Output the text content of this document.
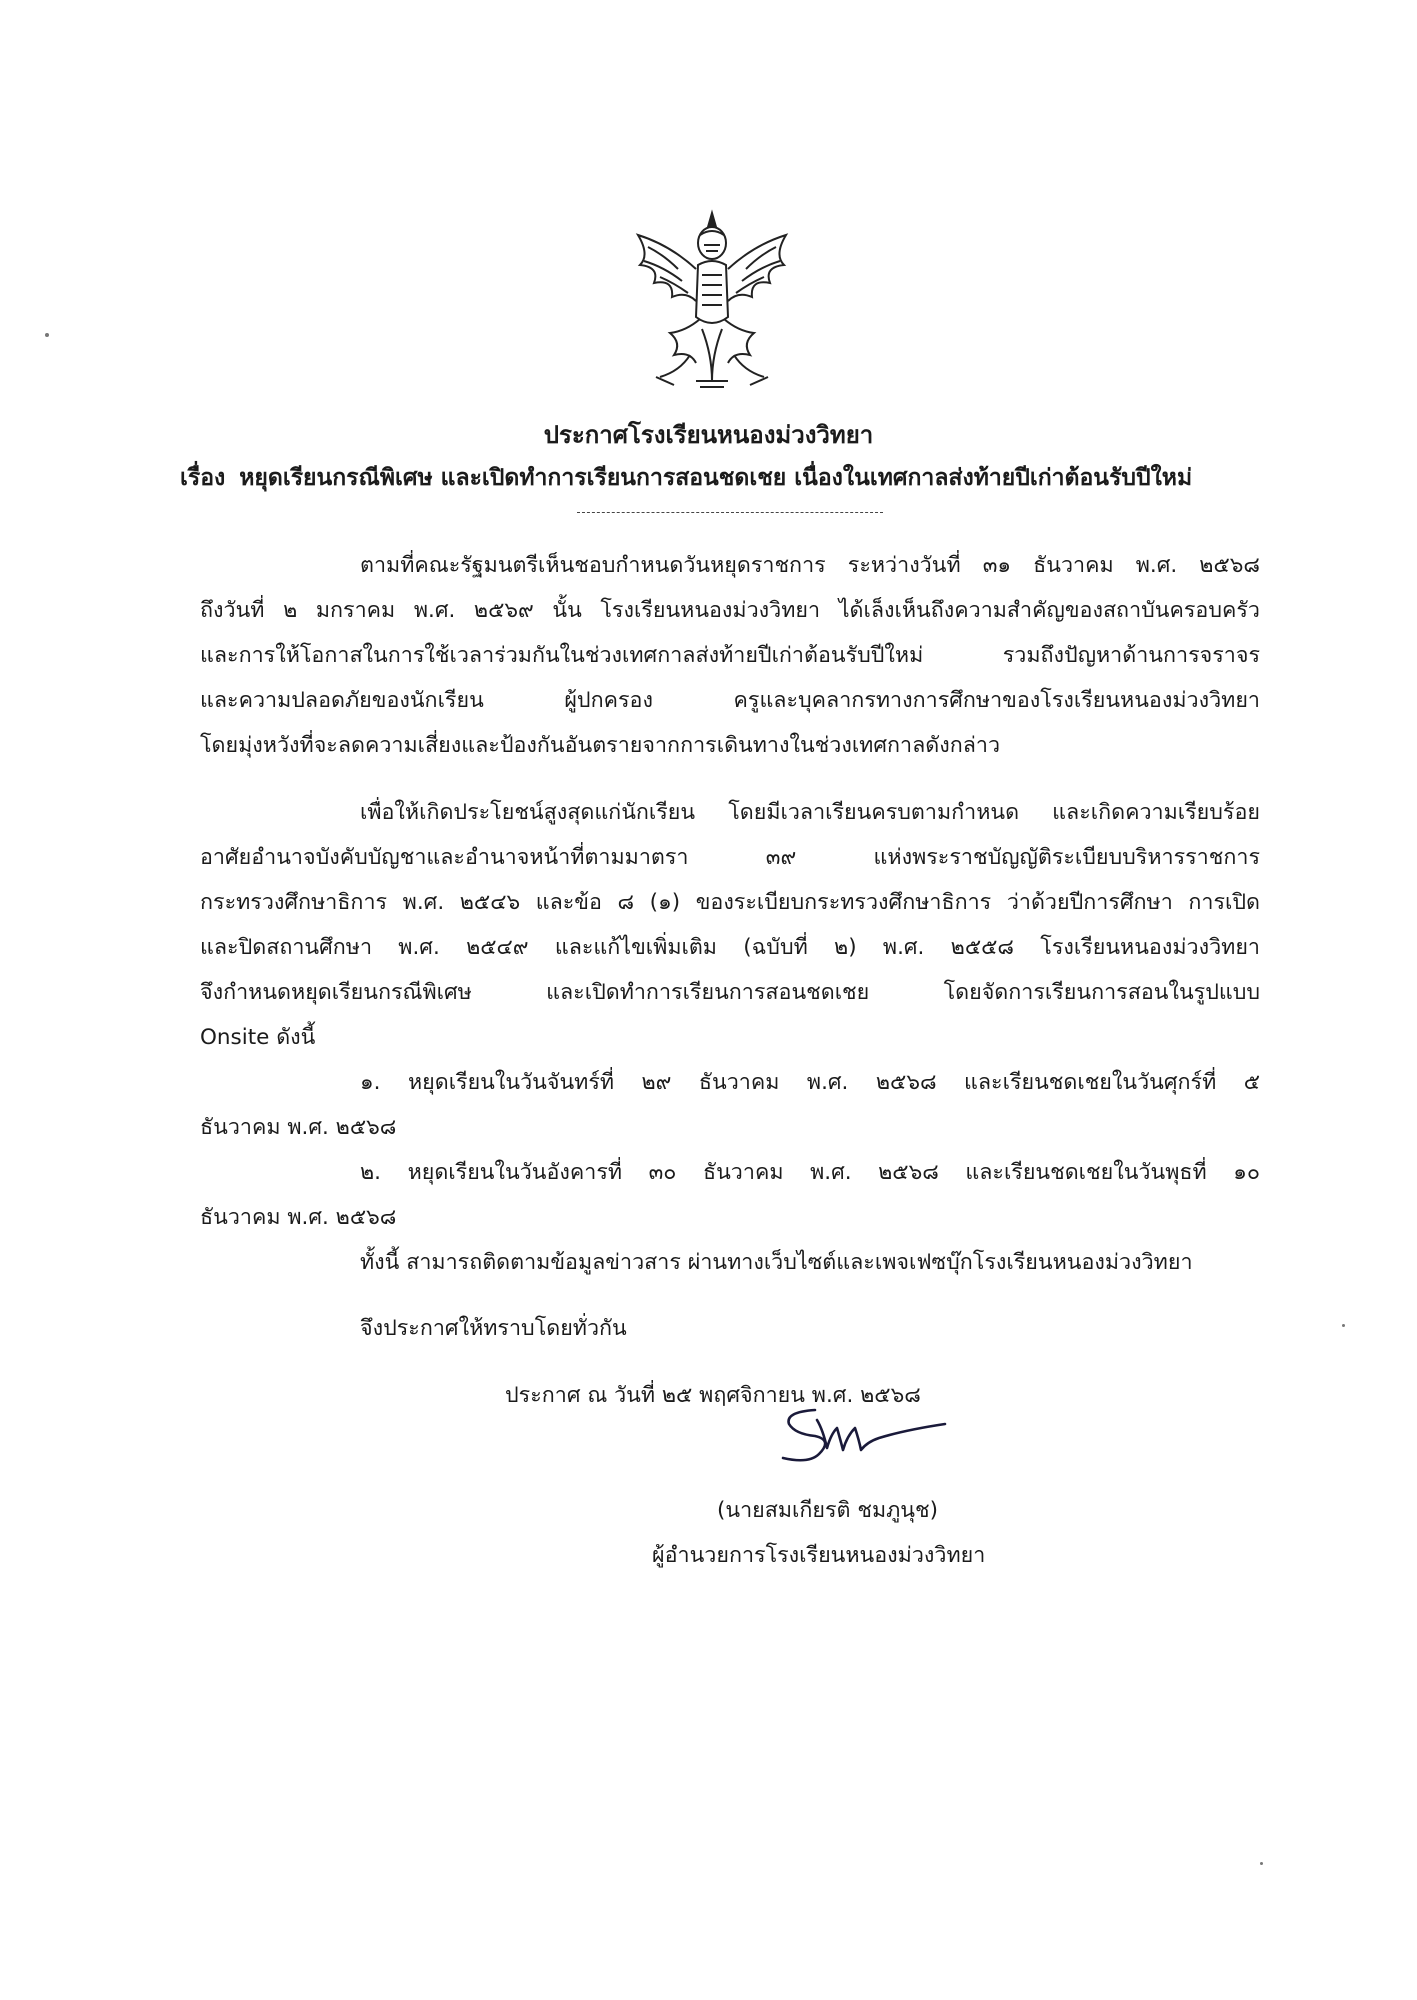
ประกาศโรงเรียนหนองม่วงวิทยา
เรื่อง หยุดเรียนกรณีพิเศษ และเปิดทำการเรียนการสอนชดเชย เนื่องในเทศกาลส่งท้ายปีเก่าต้อนรับปีใหม่
ตามที่คณะรัฐมนตรีเห็นชอบกำหนดวันหยุดราชการ ระหว่างวันที่ ๓๑ ธันวาคม พ.ศ. ๒๕๖๘
ถึงวันที่ ๒ มกราคม พ.ศ. ๒๕๖๙ นั้น โรงเรียนหนองม่วงวิทยา ได้เล็งเห็นถึงความสำคัญของสถาบันครอบครัว
และการให้โอกาสในการใช้เวลาร่วมกันในช่วงเทศกาลส่งท้ายปีเก่าต้อนรับปีใหม่ รวมถึงปัญหาด้านการจราจร
และความปลอดภัยของนักเรียน ผู้ปกครอง ครูและบุคลากรทางการศึกษาของโรงเรียนหนองม่วงวิทยา
โดยมุ่งหวังที่จะลดความเสี่ยงและป้องกันอันตรายจากการเดินทางในช่วงเทศกาลดังกล่าว
เพื่อให้เกิดประโยชน์สูงสุดแก่นักเรียน โดยมีเวลาเรียนครบตามกำหนด และเกิดความเรียบร้อย
อาศัยอำนาจบังคับบัญชาและอำนาจหน้าที่ตามมาตรา ๓๙ แห่งพระราชบัญญัติระเบียบบริหารราชการ
กระทรวงศึกษาธิการ พ.ศ. ๒๕๔๖ และข้อ ๘ (๑) ของระเบียบกระทรวงศึกษาธิการ ว่าด้วยปีการศึกษา การเปิด
และปิดสถานศึกษา พ.ศ. ๒๕๔๙ และแก้ไขเพิ่มเติม (ฉบับที่ ๒) พ.ศ. ๒๕๕๘ โรงเรียนหนองม่วงวิทยา
จึงกำหนดหยุดเรียนกรณีพิเศษ และเปิดทำการเรียนการสอนชดเชย โดยจัดการเรียนการสอนในรูปแบบ
Onsite ดังนี้
๑. หยุดเรียนในวันจันทร์ที่ ๒๙ ธันวาคม พ.ศ. ๒๕๖๘ และเรียนชดเชยในวันศุกร์ที่ ๕
ธันวาคม พ.ศ. ๒๕๖๘
๒. หยุดเรียนในวันอังคารที่ ๓๐ ธันวาคม พ.ศ. ๒๕๖๘ และเรียนชดเชยในวันพุธที่ ๑๐
ธันวาคม พ.ศ. ๒๕๖๘
ทั้งนี้ สามารถติดตามข้อมูลข่าวสาร ผ่านทางเว็บไซต์และเพจเฟซบุ๊กโรงเรียนหนองม่วงวิทยา
จึงประกาศให้ทราบโดยทั่วกัน
ประกาศ ณ วันที่ ๒๕ พฤศจิกายน พ.ศ. ๒๕๖๘
(นายสมเกียรติ ชมภูนุช)
ผู้อำนวยการโรงเรียนหนองม่วงวิทยา
